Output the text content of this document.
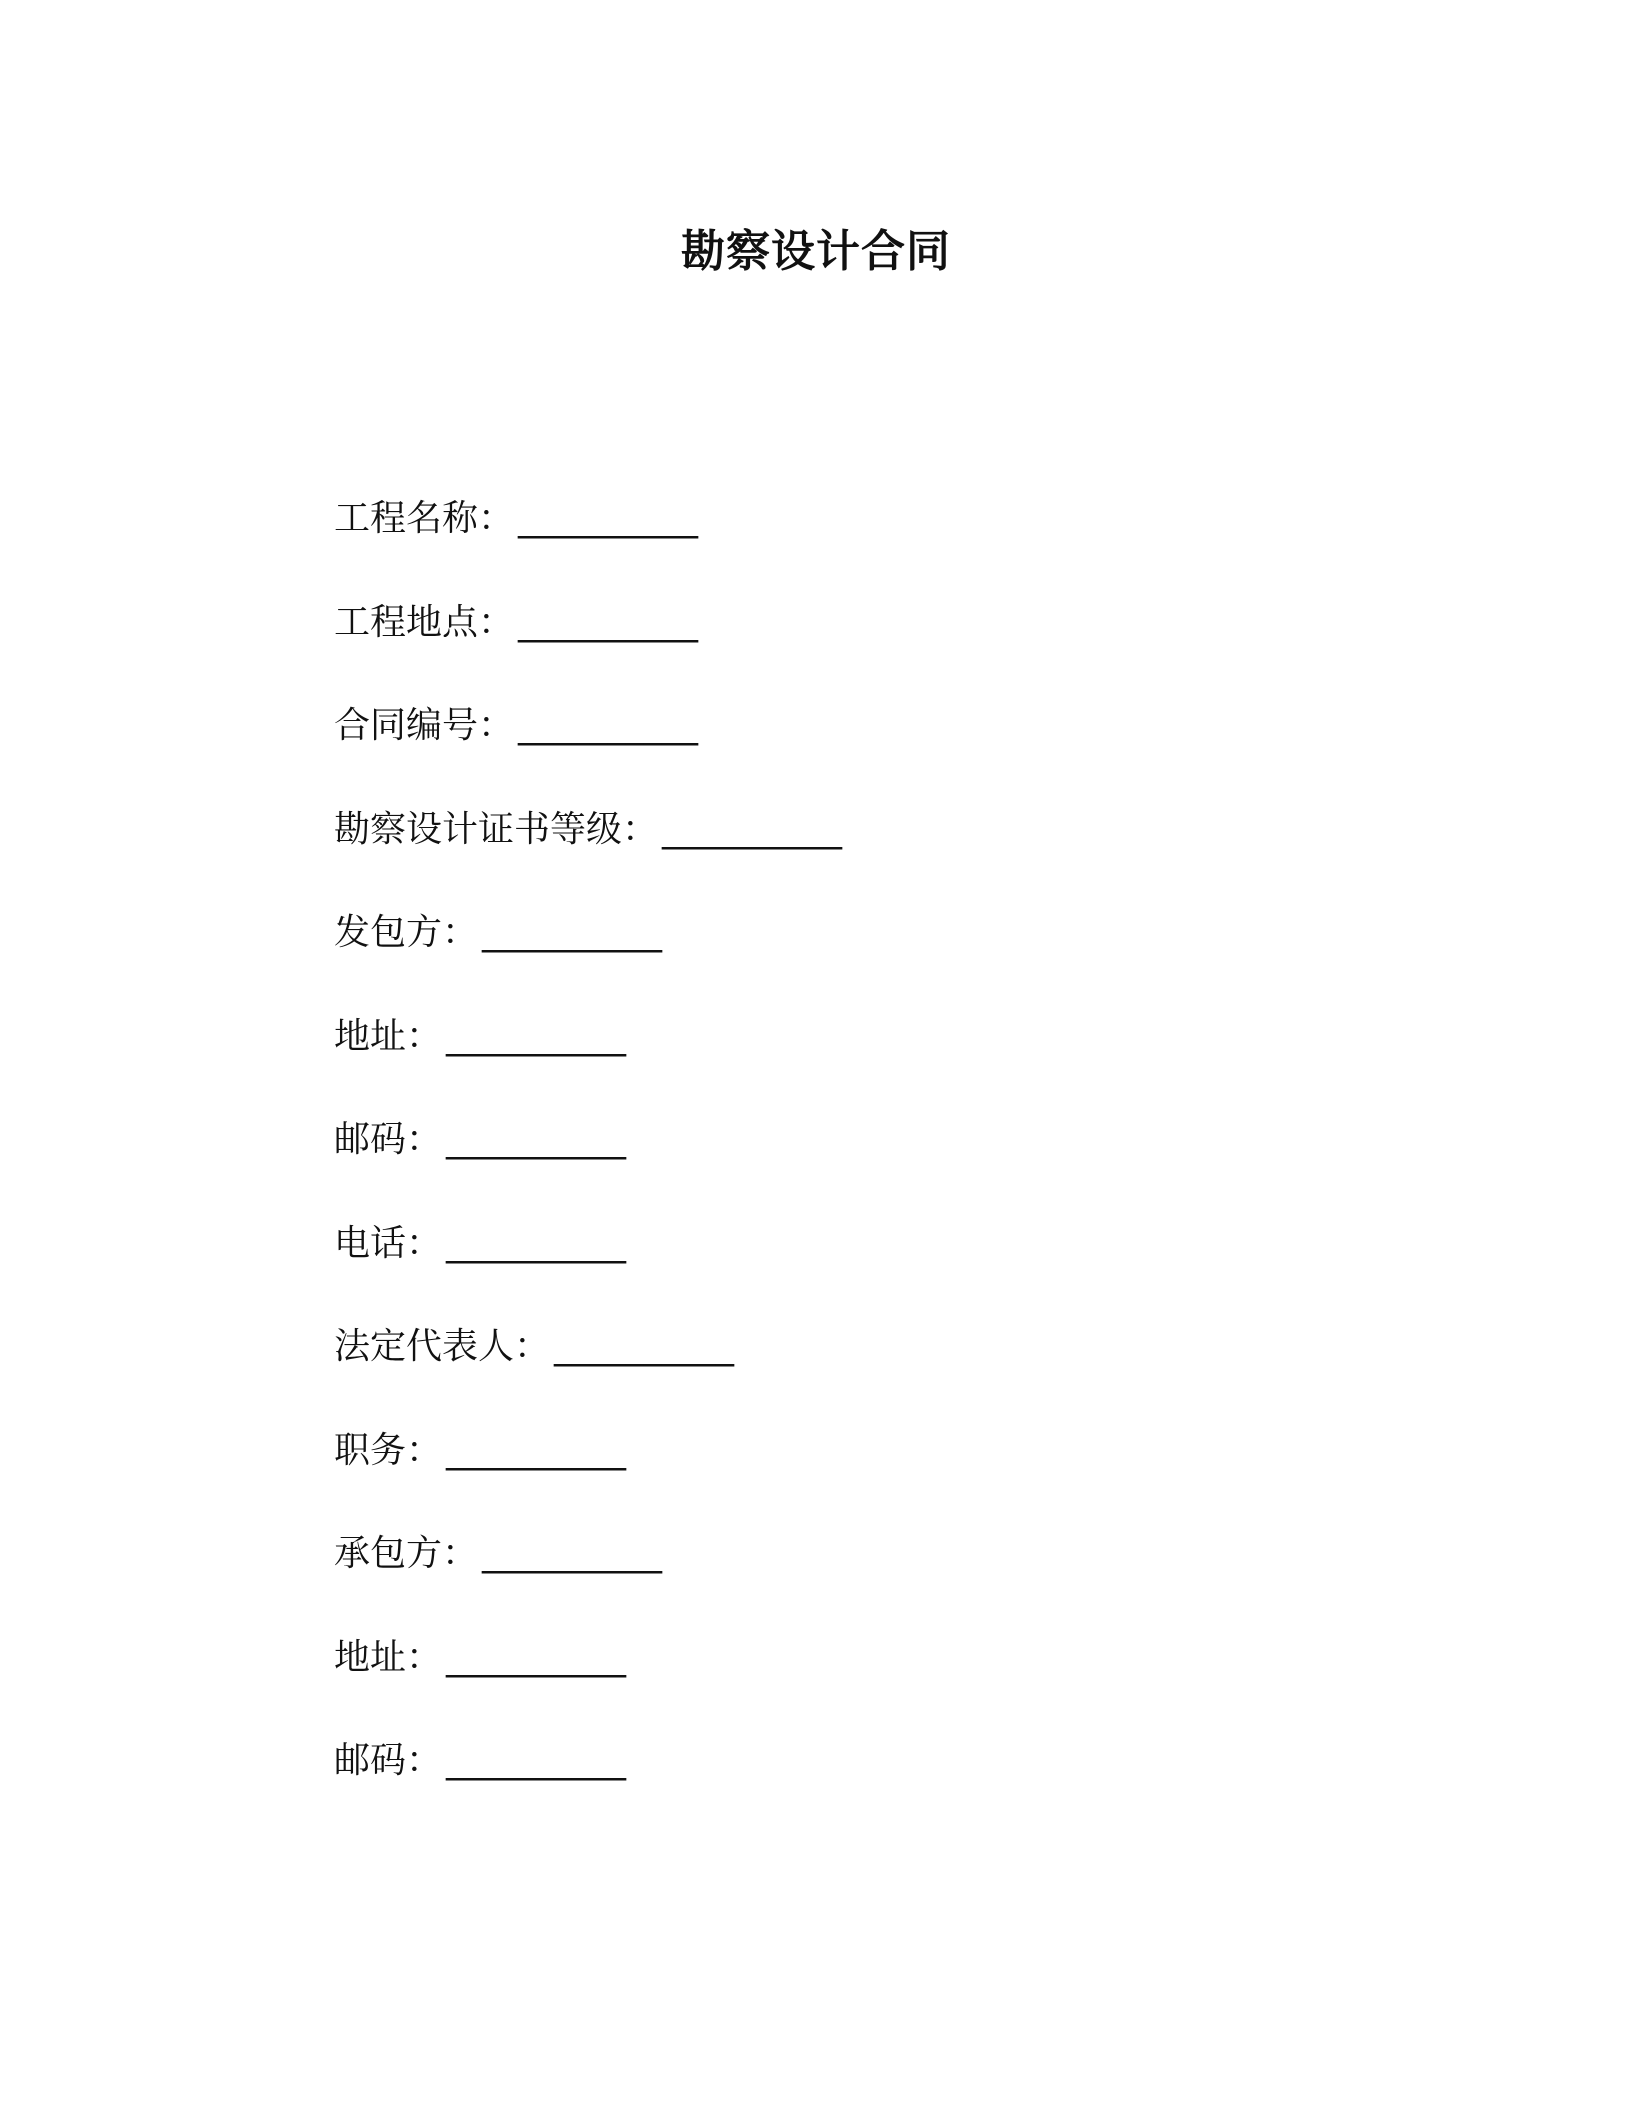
勘察设计合同
工程名称： __________
工程地点： __________
合同编号： __________
勘察设计证书等级： __________
发包方： __________
地址： __________
邮码： __________
电话： __________
法定代表人： __________
职务： __________
承包方： __________
地址： __________
邮码： __________
